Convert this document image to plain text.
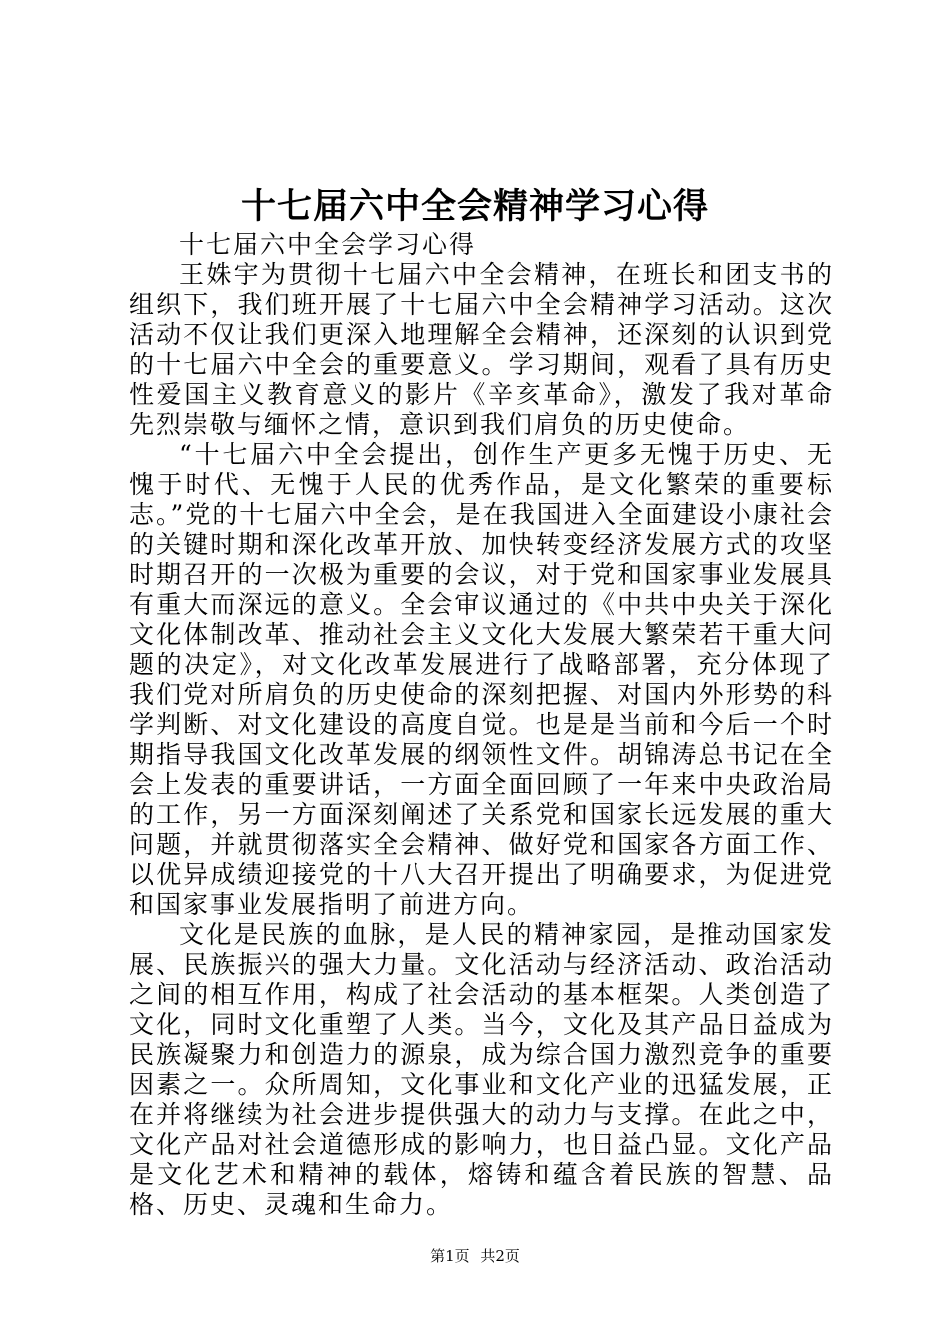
十七届六中全会精神学习心得

十七届六中全会学习心得

王姝宇为贯彻十七届六中全会精神，在班长和团支书的组织下，我们班开展了十七届六中全会精神学习活动。这次活动不仅让我们更深入地理解全会精神，还深刻的认识到党的十七届六中全会的重要意义。学习期间，观看了具有历史性爱国主义教育意义的影片《辛亥革命》，激发了我对革命先烈崇敬与缅怀之情，意识到我们肩负的历史使命。

“十七届六中全会提出，创作生产更多无愧于历史、无愧于时代、无愧于人民的优秀作品，是文化繁荣的重要标志。”党的十七届六中全会，是在我国进入全面建设小康社会的关键时期和深化改革开放、加快转变经济发展方式的攻坚时期召开的一次极为重要的会议，对于党和国家事业发展具有重大而深远的意义。全会审议通过的《中共中央关于深化文化体制改革、推动社会主义文化大发展大繁荣若干重大问题的决定》，对文化改革发展进行了战略部署，充分体现了我们党对所肩负的历史使命的深刻把握、对国内外形势的科学判断、对文化建设的高度自觉。也是是当前和今后一个时期指导我国文化改革发展的纲领性文件。胡锦涛总书记在全会上发表的重要讲话，一方面全面回顾了一年来中央政治局的工作，另一方面深刻阐述了关系党和国家长远发展的重大问题，并就贯彻落实全会精神、做好党和国家各方面工作、以优异成绩迎接党的十八大召开提出了明确要求，为促进党和国家事业发展指明了前进方向。

文化是民族的血脉，是人民的精神家园，是推动国家发展、民族振兴的强大力量。文化活动与经济活动、政治活动之间的相互作用，构成了社会活动的基本框架。人类创造了文化，同时文化重塑了人类。当今，文化及其产品日益成为民族凝聚力和创造力的源泉，成为综合国力激烈竞争的重要因素之一。众所周知，文化事业和文化产业的迅猛发展，正在并将继续为社会进步提供强大的动力与支撑。在此之中，文化产品对社会道德形成的影响力，也日益凸显。文化产品是文化艺术和精神的载体，熔铸和蕴含着民族的智慧、品格、历史、灵魂和生命力。

第1页 共2页
